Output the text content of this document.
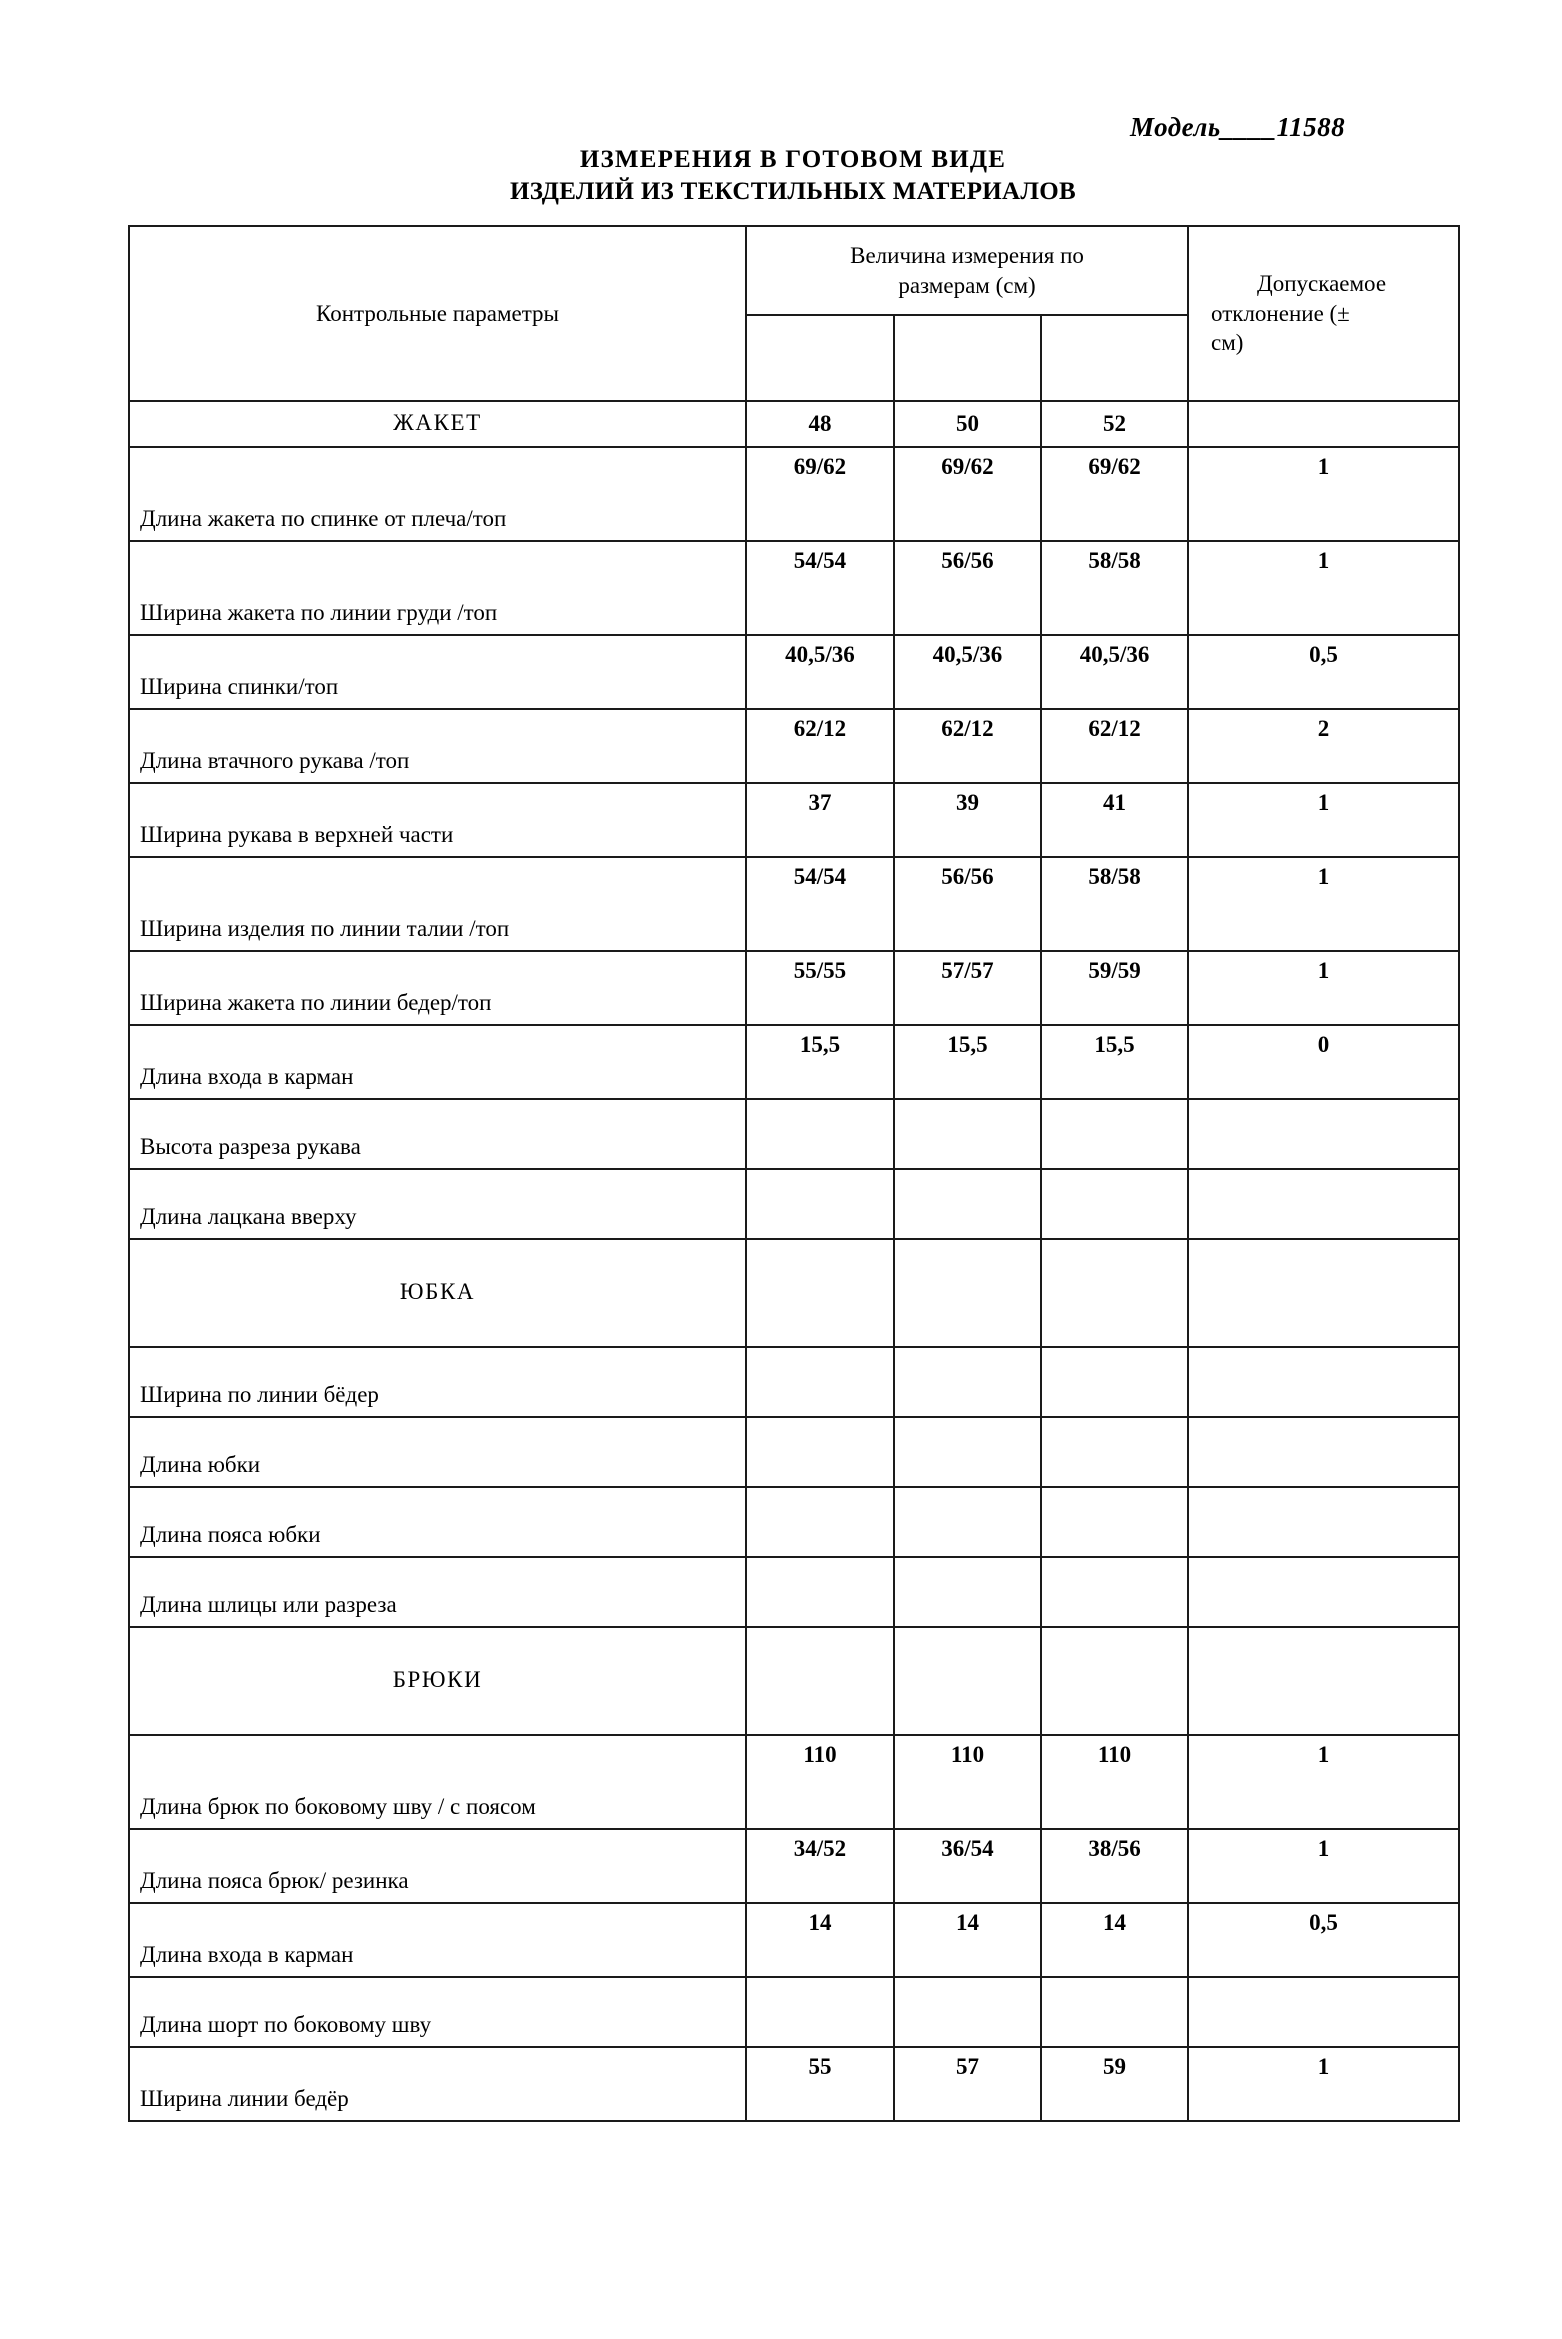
Модель____11588
ИЗМЕРЕНИЯ В ГОТОВОМ ВИДЕ
ИЗДЕЛИЙ ИЗ ТЕКСТИЛЬНЫХ МАТЕРИАЛОВ
Контрольные параметры	Величина измерения по
размерам (см)			Допускаемое
отклонение (±
см)

ЖАКЕТ	48	50	52	
Длина жакета по спинке от плеча/топ	69/62	69/62	69/62	1
Ширина жакета по линии груди /топ	54/54	56/56	58/58	1
Ширина спинки/топ	40,5/36	40,5/36	40,5/36	0,5
Длина втачного рукава /топ	62/12	62/12	62/12	2
Ширина рукава в верхней части	37	39	41	1
Ширина изделия по линии талии /топ	54/54	56/56	58/58	1
Ширина жакета по линии бедер/топ	55/55	57/57	59/59	1
Длина входа в карман	15,5	15,5	15,5	0
Высота разреза рукава				
Длина лацкана вверху				
ЮБКА				
Ширина по линии бёдер				
Длина юбки				
Длина пояса юбки				
Длина шлицы или разреза				
БРЮКИ				
Длина брюк по боковому шву / с поясом	110	110	110	1
Длина пояса брюк/ резинка	34/52	36/54	38/56	1
Длина входа в карман	14	14	14	0,5
Длина шорт по боковому шву				
Ширина линии бедёр	55	57	59	1
